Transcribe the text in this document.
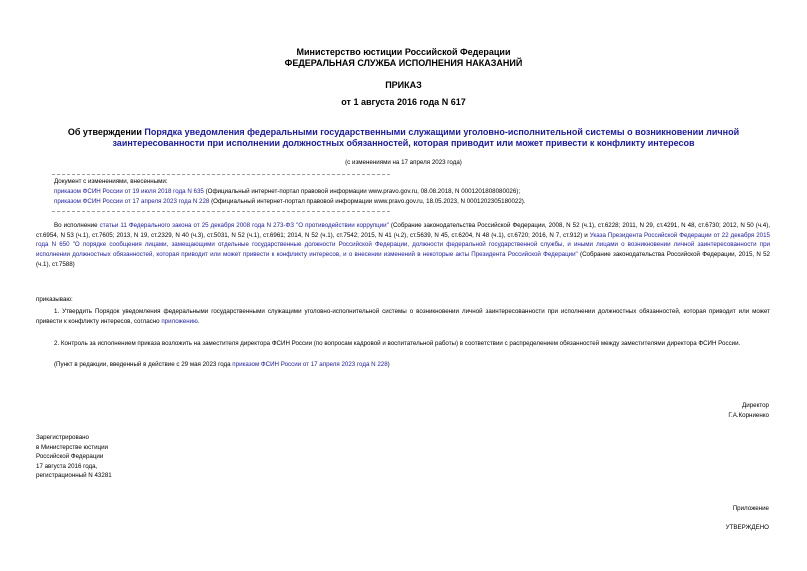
Министерство юстиции Российской Федерации
ФЕДЕРАЛЬНАЯ СЛУЖБА ИСПОЛНЕНИЯ НАКАЗАНИЙ
ПРИКАЗ
от 1 августа 2016 года N 617
Об утверждении Порядка уведомления федеральными государственными служащими уголовно-исполнительной системы о возникновении личной
заинтересованности при исполнении должностных обязанностей, которая приводит или может привести к конфликту интересов
(с изменениями на 17 апреля 2023 года)
Документ с изменениями, внесенными:
приказом ФСИН России от 19 июля 2018 года N 635 (Официальный интернет-портал правовой информации www.pravo.gov.ru, 08.08.2018, N 0001201808080026);
приказом ФСИН России от 17 апреля 2023 года N 228 (Официальный интернет-портал правовой информации www.pravo.gov.ru, 18.05.2023, N 0001202305180022).
Во исполнение статьи 11 Федерального закона от 25 декабря 2008 года N 273-ФЗ "О противодействии коррупции" (Собрание законодательства Российской Федерации, 2008, N 52 (ч.1), ст.6228; 2011, N 29, ст.4291, N 48, ст.6730; 2012, N 50 (ч.4), ст.6954, N 53 (ч.1), ст.7605; 2013, N 19, ст.2329, N 40 (ч.3), ст.5031, N 52 (ч.1), ст.6961; 2014, N 52 (ч.1), ст.7542; 2015, N 41 (ч.2), ст.5639, N 45, ст.6204, N 48 (ч.1), ст.6720; 2016, N 7, ст.912) и Указа Президента Российской Федерации от 22 декабря 2015 года N 650 "О порядке сообщения лицами, замещающими отдельные государственные должности Российской Федерации, должности федеральной государственной службы, и иными лицами о возникновении личной заинтересованности при исполнении должностных обязанностей, которая приводит или может привести к конфликту интересов, и о внесении изменений в некоторые акты Президента Российской Федерации" (Собрание законодательства Российской Федерации, 2015, N 52 (ч.1), ст.7588)
приказываю:
1. Утвердить Порядок уведомления федеральными государственными служащими уголовно-исполнительной системы о возникновении личной заинтересованности при исполнении должностных обязанностей, которая приводит или может привести к конфликту интересов, согласно приложению.
2. Контроль за исполнением приказа возложить на заместителя директора ФСИН России (по вопросам кадровой и воспитательной работы) в соответствии с распределением обязанностей между заместителями директора ФСИН России.
(Пункт в редакции, введенный в действие с 29 мая 2023 года приказом ФСИН России от 17 апреля 2023 года N 228)
Директор
Г.А.Корниенко
Зарегистрировано
в Министерстве юстиции
Российской Федерации
17 августа 2016 года,
регистрационный N 43281
Приложение
УТВЕРЖДЕНО
